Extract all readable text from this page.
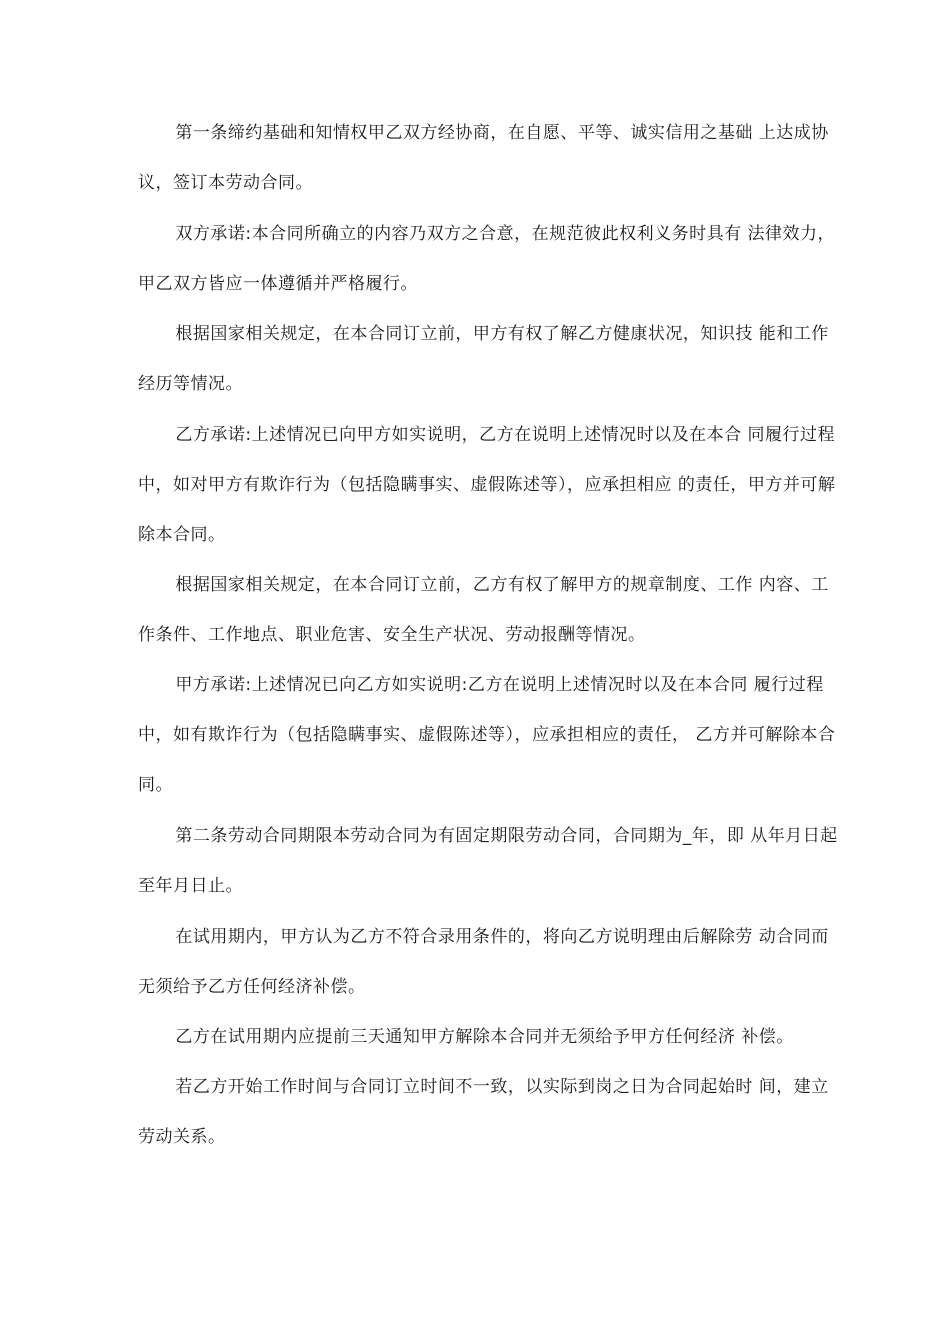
第一条缔约基础和知情权甲乙双方经协商，在自愿、平等、诚实信用之基础 上达成协议，签订本劳动合同。

双方承诺:本合同所确立的内容乃双方之合意，在规范彼此权利义务时具有 法律效力，甲乙双方皆应一体遵循并严格履行。

根据国家相关规定，在本合同订立前，甲方有权了解乙方健康状况，知识技 能和工作经历等情况。

乙方承诺:上述情况已向甲方如实说明，乙方在说明上述情况时以及在本合 同履行过程中，如对甲方有欺诈行为（包括隐瞒事实、虚假陈述等），应承担相应 的责任，甲方并可解除本合同。

根据国家相关规定，在本合同订立前，乙方有权了解甲方的规章制度、工作 内容、工作条件、工作地点、职业危害、安全生产状况、劳动报酬等情况。

甲方承诺:上述情况已向乙方如实说明:乙方在说明上述情况时以及在本合同 履行过程中，如有欺诈行为（包括隐瞒事实、虚假陈述等），应承担相应的责任， 乙方并可解除本合同。

第二条劳动合同期限本劳动合同为有固定期限劳动合同，合同期为_年，即 从年月日起至年月日止。

在试用期内，甲方认为乙方不符合录用条件的，将向乙方说明理由后解除劳 动合同而无须给予乙方任何经济补偿。

乙方在试用期内应提前三天通知甲方解除本合同并无须给予甲方任何经济 补偿。

若乙方开始工作时间与合同订立时间不一致，以实际到岗之日为合同起始时 间，建立劳动关系。
